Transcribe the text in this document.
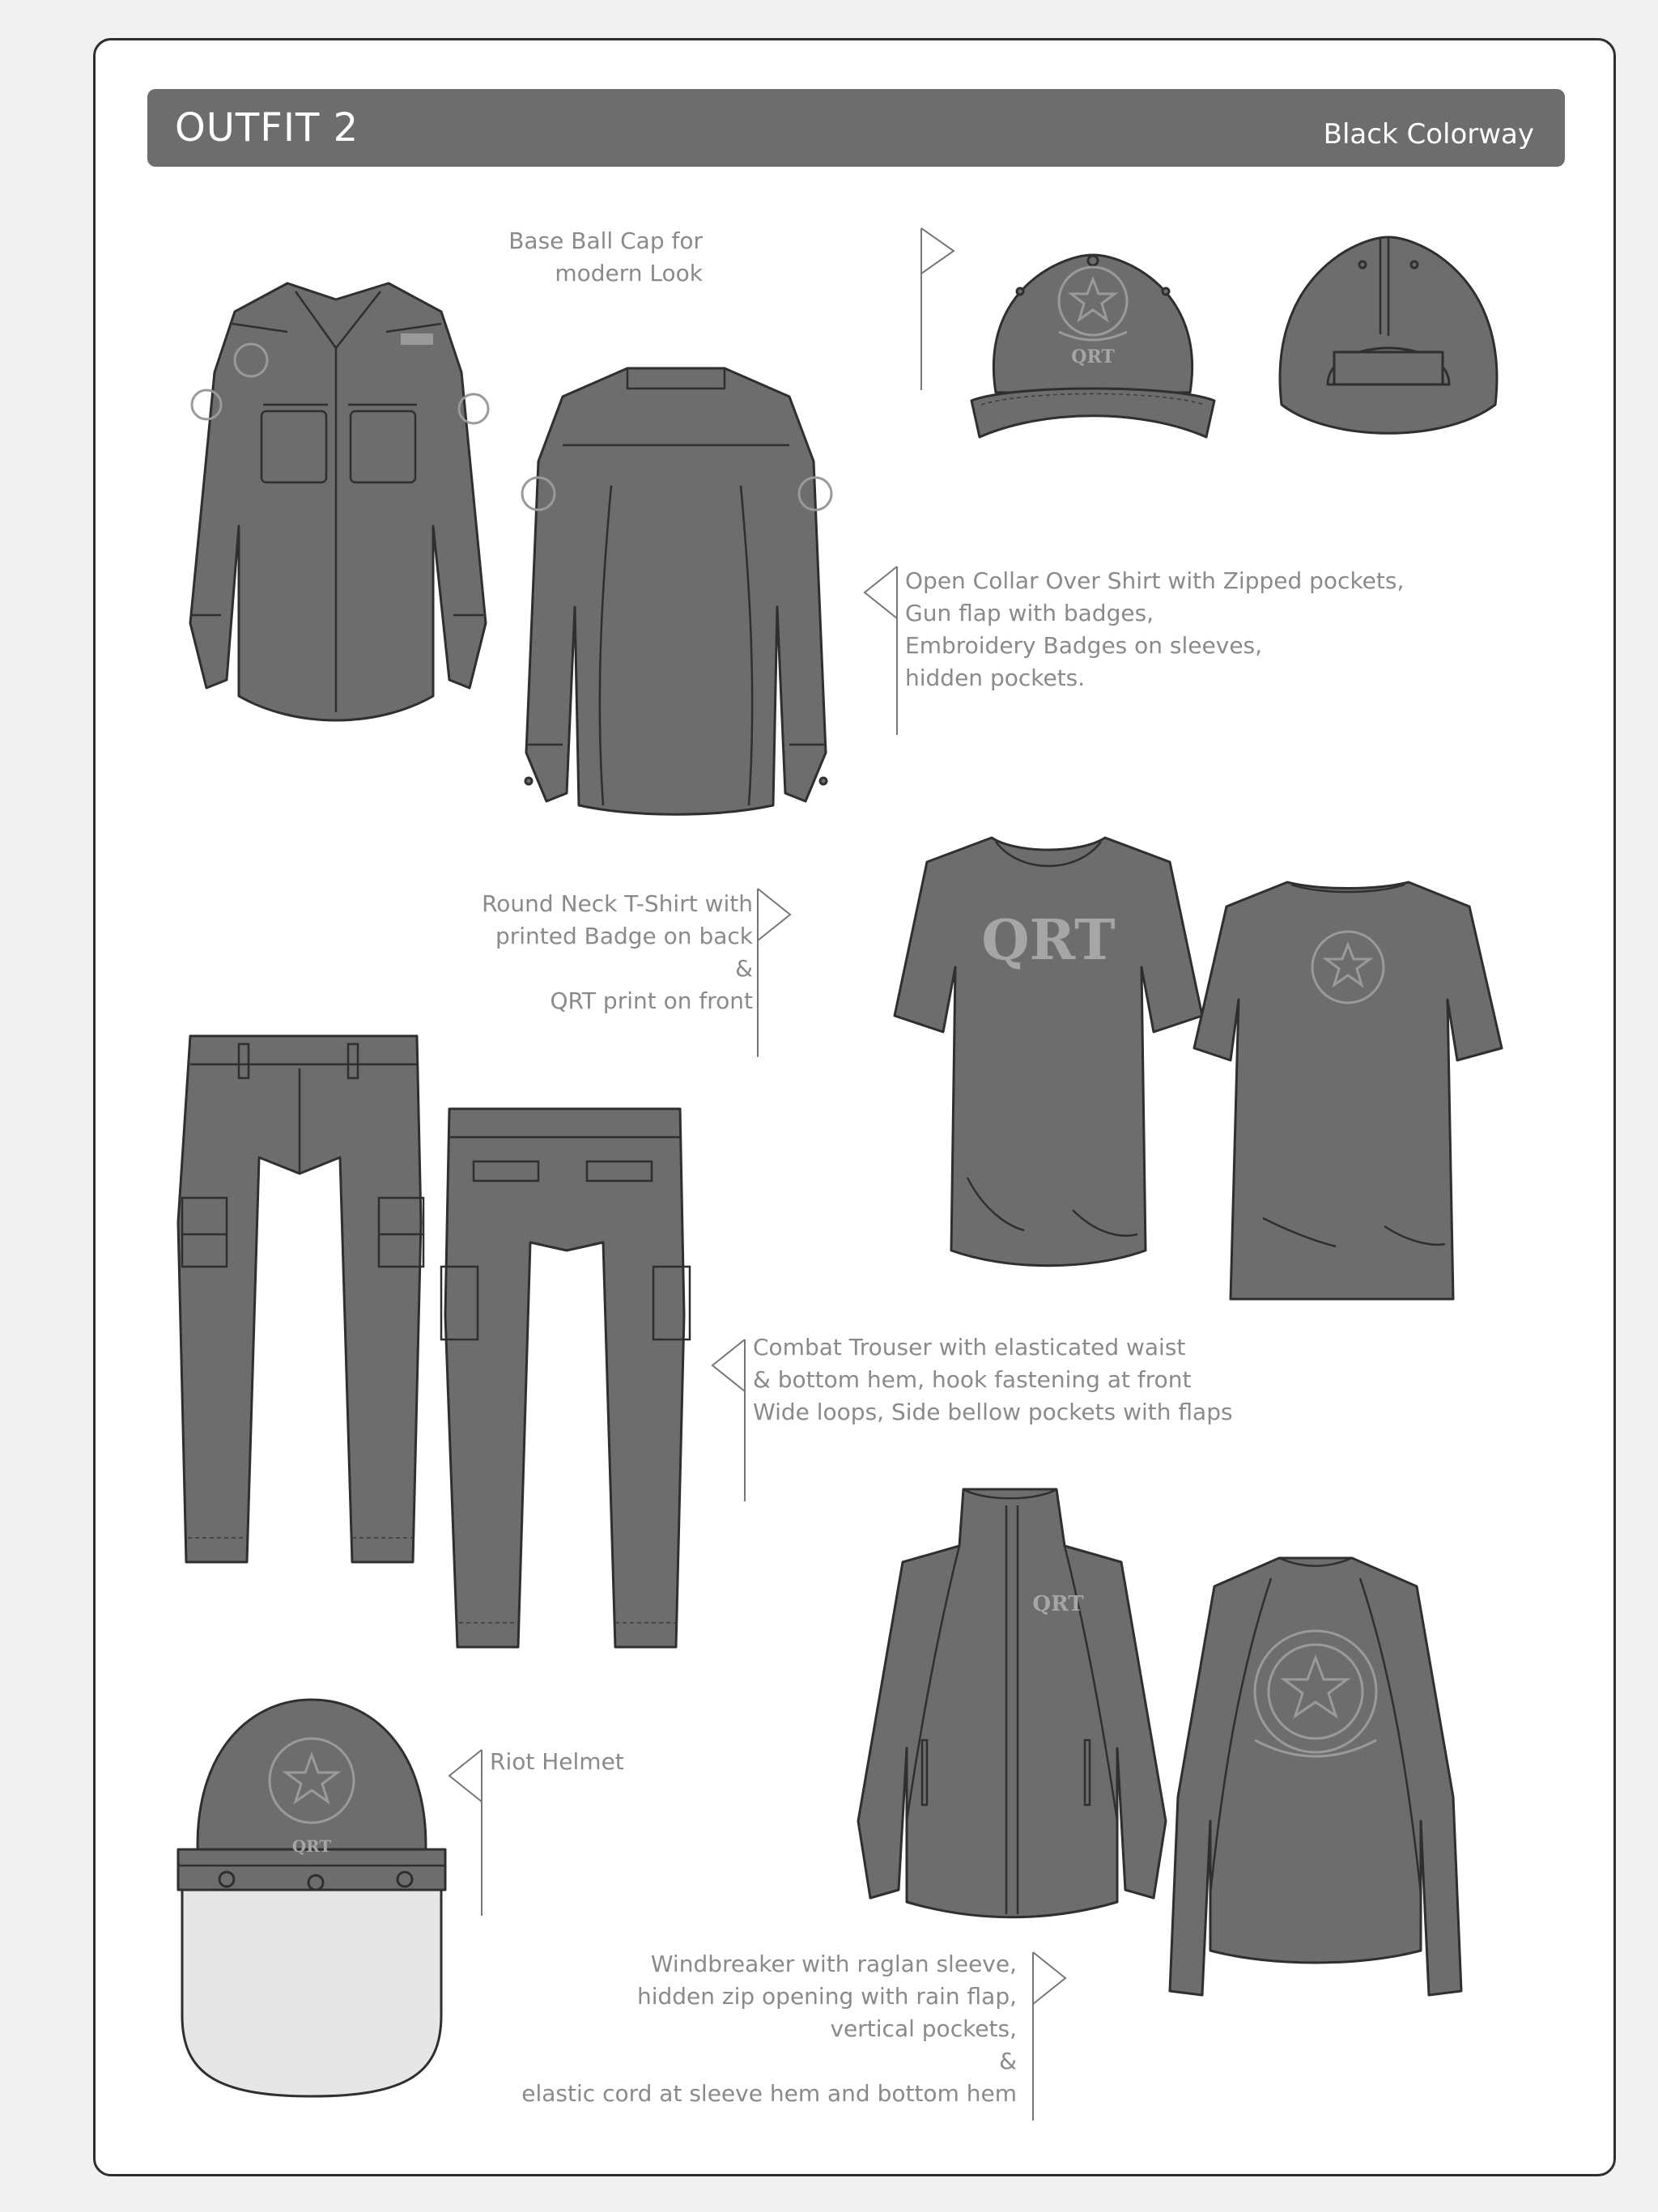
OUTFIT 2	Black Colorway
Base Ball Cap for
modern Look
QRT
Open Collar Over Shirt with Zipped pockets,
Gun flap with badges,
Embroidery Badges on sleeves,
hidden pockets.
Round Neck T-Shirt with
printed Badge on back
&
QRT print on front
QRT
Combat Trouser with elasticated waist
& bottom hem, hook fastening at front
Wide loops, Side bellow pockets with flaps
QRT
Windbreaker with raglan sleeve,
hidden zip opening with rain flap,
vertical pockets,
&
elastic cord at sleeve hem and bottom hem
QRT
Riot Helmet
